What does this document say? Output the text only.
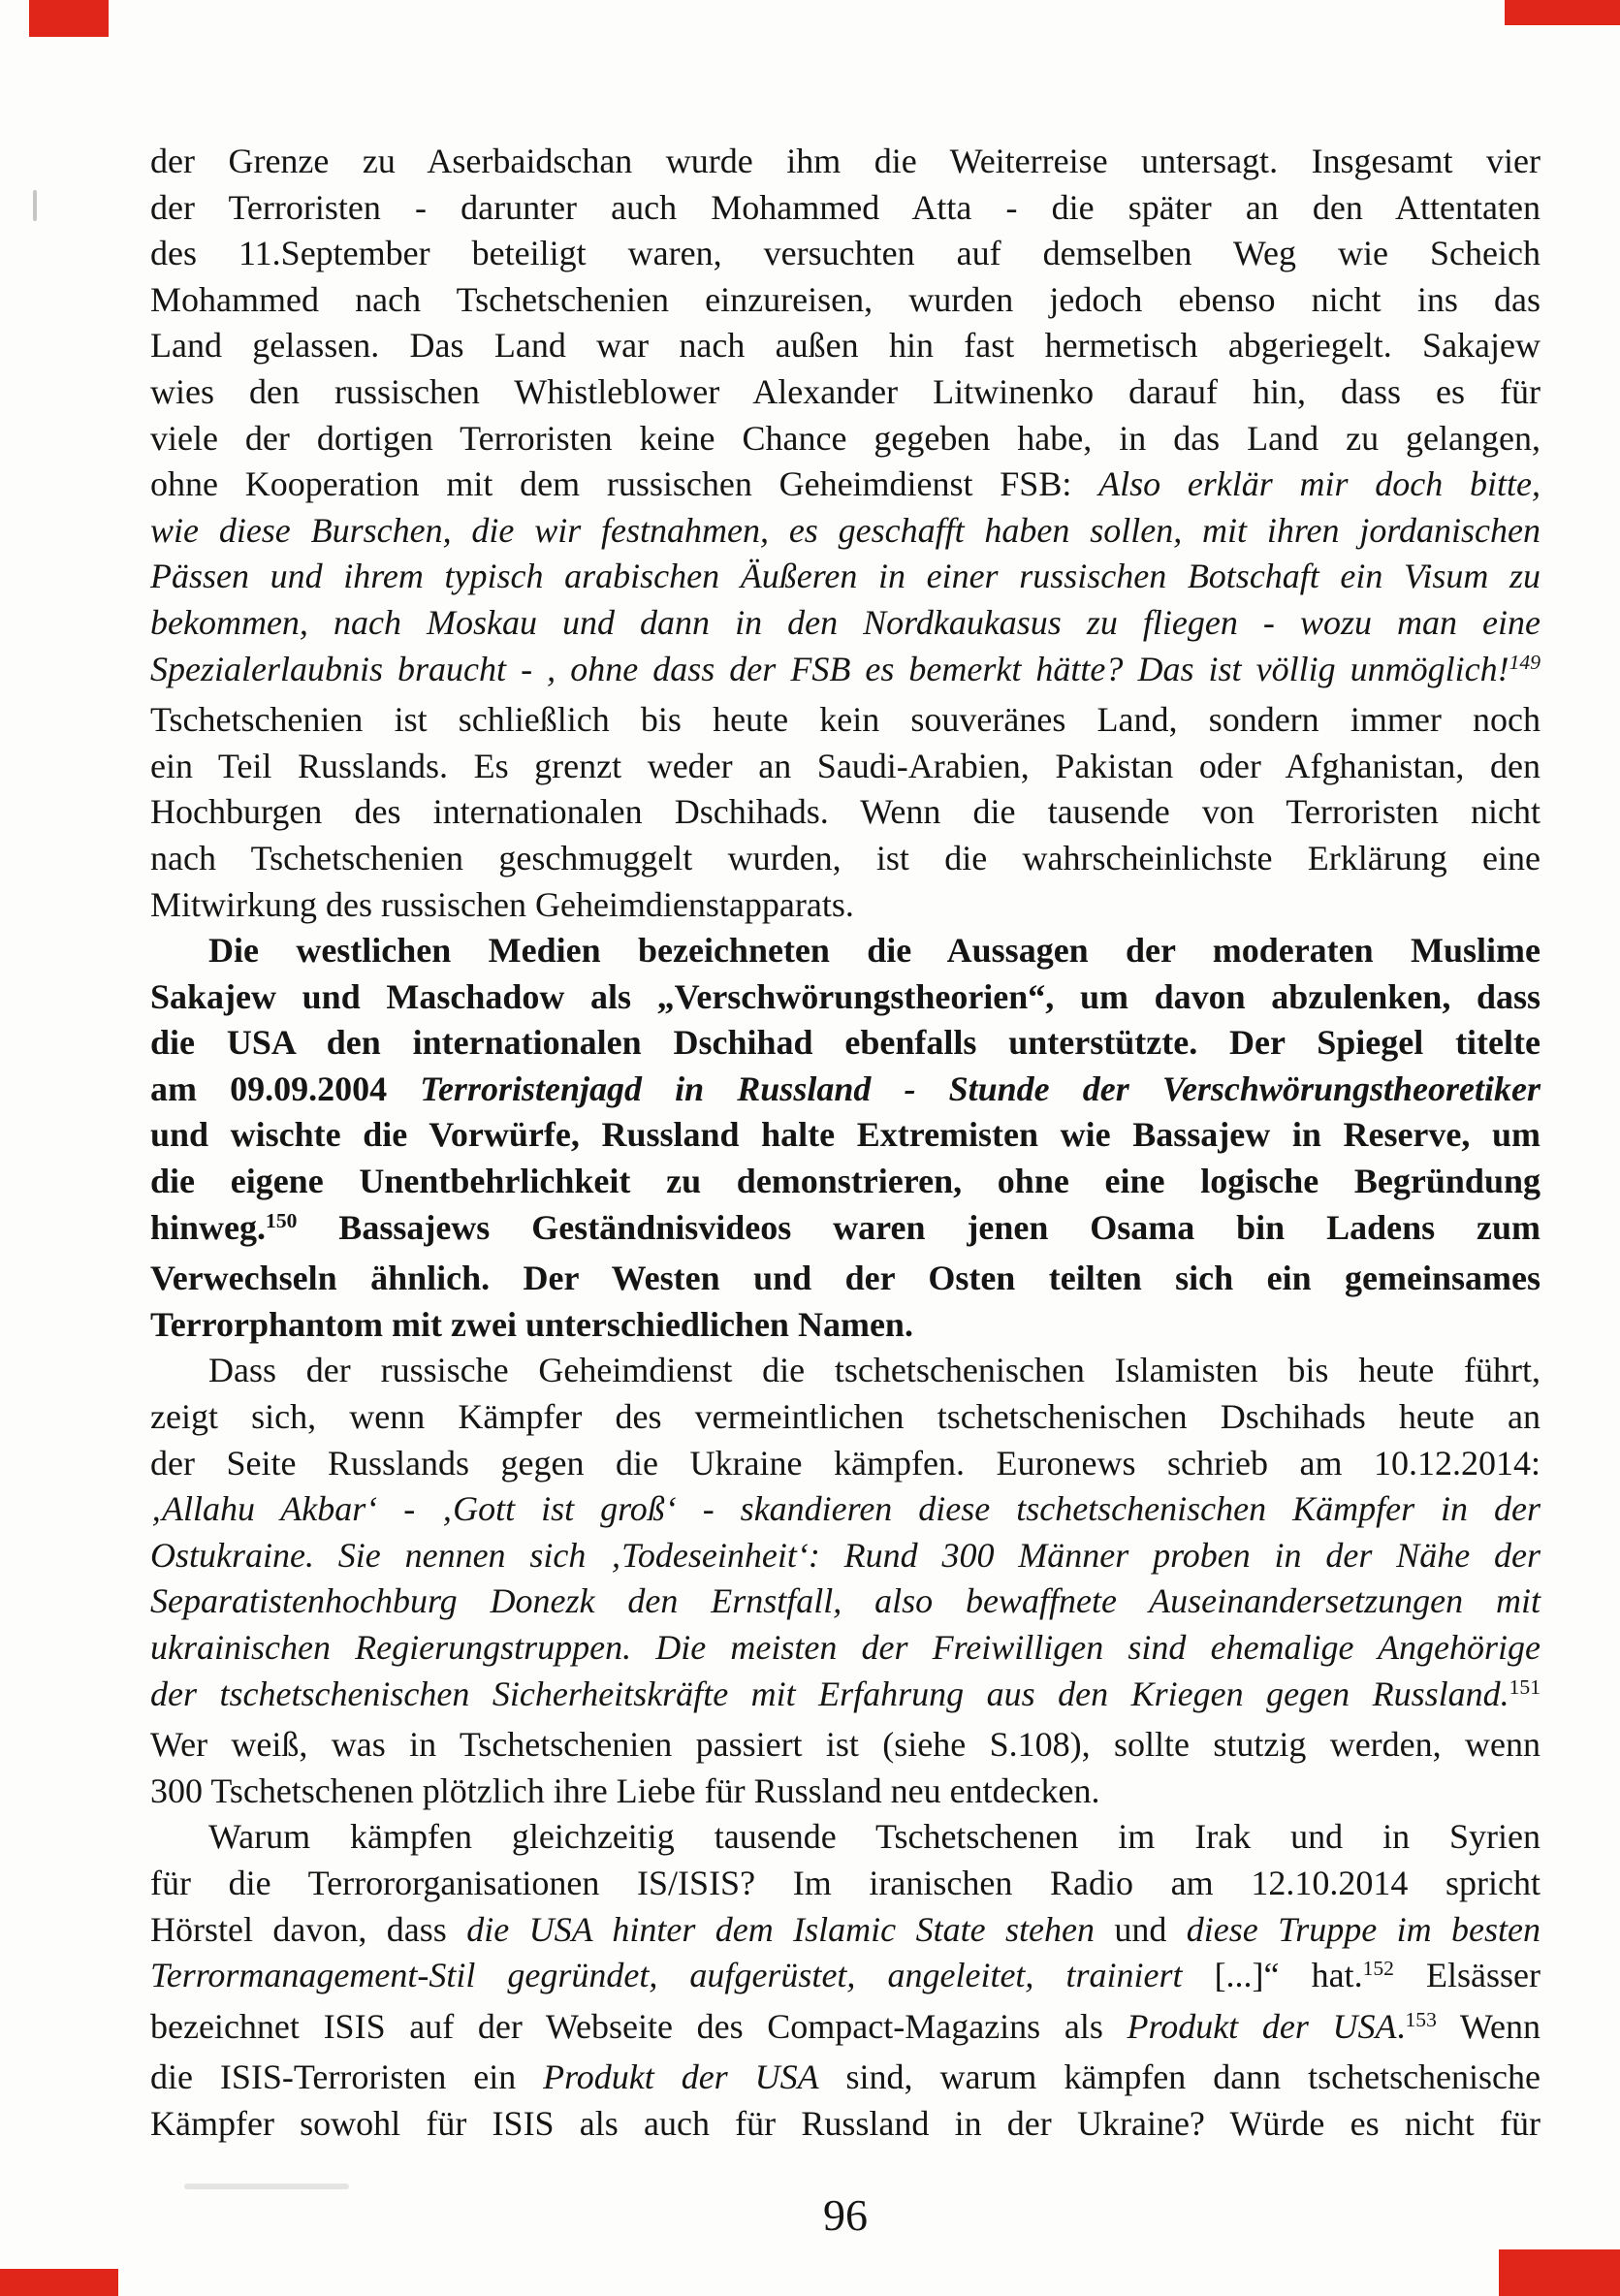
der Grenze zu Aserbaidschan wurde ihm die Weiterreise untersagt. Insgesamt vier
der Terroristen - darunter auch Mohammed Atta - die später an den Attentaten
des 11.September beteiligt waren, versuchten auf demselben Weg wie Scheich
Mohammed nach Tschetschenien einzureisen, wurden jedoch ebenso nicht ins das
Land gelassen. Das Land war nach außen hin fast hermetisch abgeriegelt. Sakajew
wies den russischen Whistleblower Alexander Litwinenko darauf hin, dass es für
viele der dortigen Terroristen keine Chance gegeben habe, in das Land zu gelangen,
ohne Kooperation mit dem russischen Geheimdienst FSB: Also erklär mir doch bitte,
wie diese Burschen, die wir festnahmen, es geschafft haben sollen, mit ihren jordanischen
Pässen und ihrem typisch arabischen Äußeren in einer russischen Botschaft ein Visum zu
bekommen, nach Moskau und dann in den Nordkaukasus zu fliegen - wozu man eine
Spezialerlaubnis braucht - , ohne dass der FSB es bemerkt hätte? Das ist völlig unmöglich!$^{149}$
Tschetschenien ist schließlich bis heute kein souveränes Land, sondern immer noch
ein Teil Russlands. Es grenzt weder an Saudi-Arabien, Pakistan oder Afghanistan, den
Hochburgen des internationalen Dschihads. Wenn die tausende von Terroristen nicht
nach Tschetschenien geschmuggelt wurden, ist die wahrscheinlichste Erklärung eine
Mitwirkung des russischen Geheimdienstapparats.
Die westlichen Medien bezeichneten die Aussagen der moderaten Muslime
Sakajew und Maschadow als „Verschwörungstheorien“, um davon abzulenken, dass
die USA den internationalen Dschihad ebenfalls unterstützte. Der Spiegel titelte
am 09.09.2004 Terroristenjagd in Russland - Stunde der Verschwörungstheoretiker
und wischte die Vorwürfe, Russland halte Extremisten wie Bassajew in Reserve, um
die eigene Unentbehrlichkeit zu demonstrieren, ohne eine logische Begründung
hinweg.$^{150}$ Bassajews Geständnisvideos waren jenen Osama bin Ladens zum
Verwechseln ähnlich. Der Westen und der Osten teilten sich ein gemeinsames
Terrorphantom mit zwei unterschiedlichen Namen.
Dass der russische Geheimdienst die tschetschenischen Islamisten bis heute führt,
zeigt sich, wenn Kämpfer des vermeintlichen tschetschenischen Dschihads heute an
der Seite Russlands gegen die Ukraine kämpfen. Euronews schrieb am 10.12.2014:
‚Allahu Akbar‘ - ‚Gott ist groß‘ - skandieren diese tschetschenischen Kämpfer in der
Ostukraine. Sie nennen sich ‚Todeseinheit‘: Rund 300 Männer proben in der Nähe der
Separatistenhochburg Donezk den Ernstfall, also bewaffnete Auseinandersetzungen mit
ukrainischen Regierungstruppen. Die meisten der Freiwilligen sind ehemalige Angehörige
der tschetschenischen Sicherheitskräfte mit Erfahrung aus den Kriegen gegen Russland.$^{151}$
Wer weiß, was in Tschetschenien passiert ist (siehe S.108), sollte stutzig werden, wenn
300 Tschetschenen plötzlich ihre Liebe für Russland neu entdecken.
Warum kämpfen gleichzeitig tausende Tschetschenen im Irak und in Syrien
für die Terrororganisationen IS/ISIS? Im iranischen Radio am 12.10.2014 spricht
Hörstel davon, dass die USA hinter dem Islamic State stehen und diese Truppe im besten
Terrormanagement-Stil gegründet, aufgerüstet, angeleitet, trainiert [...]“ hat.$^{152}$ Elsässer
bezeichnet ISIS auf der Webseite des Compact-Magazins als Produkt der USA.$^{153}$ Wenn
die ISIS-Terroristen ein Produkt der USA sind, warum kämpfen dann tschetschenische
Kämpfer sowohl für ISIS als auch für Russland in der Ukraine? Würde es nicht für
96
